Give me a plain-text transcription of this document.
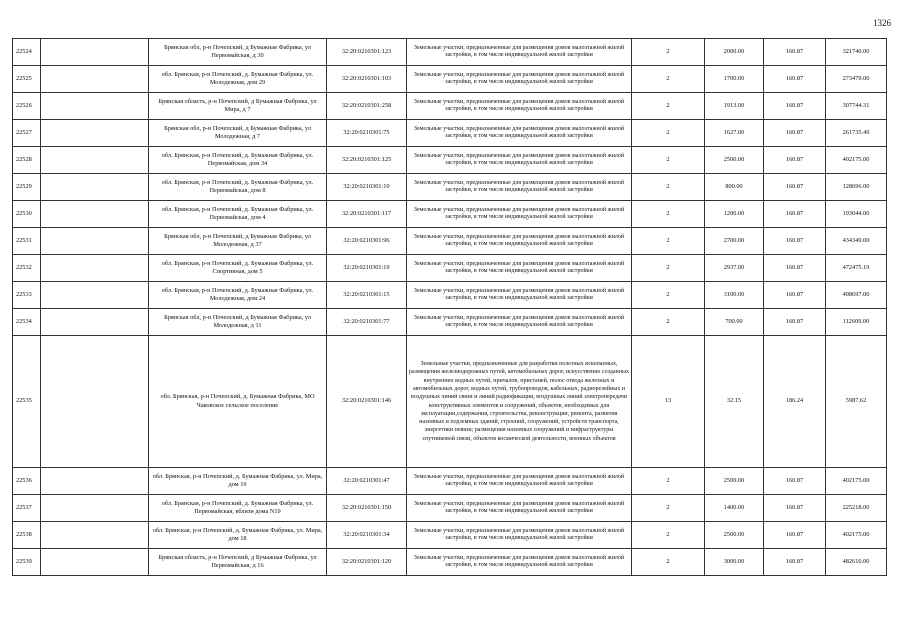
1326
22524		Брянская обл, р-н Почепский, д Бумажная Фабрика, ул Первомайская, д 30	32:20:0210301:123	Земельные участки, предназначенные для размещения домов малоэтажной жилой застройки, в том числе индивидуальной жилой застройки	2	2000.00	160.87	321740.00
22525		обл. Брянская, р-н Почепский, д. Бумажная Фабрика, ул. Молодежная, дом 29	32:20:0210301:103	Земельные участки, предназначенные для размещения домов малоэтажной жилой застройки, в том числе индивидуальной жилой застройки	2	1700.00	160.87	273479.00
22526		Брянская область, р-н Почепский, д Бумажная Фабрика, ул Мира, д 7	32:20:0210301:258	Земельные участки, предназначенные для размещения домов малоэтажной жилой застройки, в том числе индивидуальной жилой застройки	2	1913.00	160.87	307744.31
22527		Брянская обл, р-н Почепский, д Бумажная Фабрика, ул Молодежная, д 7	32:20:0210301:75	Земельные участки, предназначенные для размещения домов малоэтажной жилой застройки, в том числе индивидуальной жилой застройки	2	1627.00	160.87	261735.49
22528		обл. Брянская, р-н Почепский, д. Бумажная Фабрика, ул. Первомайская, дом 34	32:20:0210301:125	Земельные участки, предназначенные для размещения домов малоэтажной жилой застройки, в том числе индивидуальной жилой застройки	2	2500.00	160.87	402175.00
22529		обл. Брянская, р-н Почепский, д. Бумажная Фабрика, ул. Первомайская, дом 8	32:20:0210301:10	Земельные участки, предназначенные для размещения домов малоэтажной жилой застройки, в том числе индивидуальной жилой застройки	2	800.00	160.87	128696.00
22530		обл. Брянская, р-н Почепский, д. Бумажная Фабрика, ул. Первомайская, дом 4	32:20:0210301:117	Земельные участки, предназначенные для размещения домов малоэтажной жилой застройки, в том числе индивидуальной жилой застройки	2	1200.00	160.87	193044.00
22531		Брянская обл, р-н Почепский, д Бумажная Фабрика, ул Молодежная, д 37	32:20:0210301:96	Земельные участки, предназначенные для размещения домов малоэтажной жилой застройки, в том числе индивидуальной жилой застройки	2	2700.00	160.87	434349.00
22532		обл. Брянская, р-н Почепский, д. Бумажная Фабрика, ул. Спортивная, дом 5	32:20:0210301:19	Земельные участки, предназначенные для размещения домов малоэтажной жилой застройки, в том числе индивидуальной жилой застройки	2	2937.00	160.87	472475.19
22533		обл. Брянская, р-н Почепский, д. Бумажная Фабрика, ул. Молодежная, дом 24	32:20:0210301:15	Земельные участки, предназначенные для размещения домов малоэтажной жилой застройки, в том числе индивидуальной жилой застройки	2	3100.00	160.87	498697.00
22534		Брянская обл, р-н Почепский, д Бумажная Фабрика, ул Молодежная, д 11	32:20:0210301:77	Земельные участки, предназначенные для размещения домов малоэтажной жилой застройки, в том числе индивидуальной жилой застройки	2	700.00	160.87	112609.00
22535		обл. Брянская, р-н Почепский, д. Бумажная Фабрика, МО Чаковское сельское поселение	32:20:0210301:146	Земельные участки, предназначенные для разработки полезных ископаемых, размещения железнодорожных путей, автомобильных дорог, искусственно созданных внутренних водных путей, причалов, пристаней, полос отвода железных и автомобильных дорог, водных путей, трубопроводов, кабельных, радиорелейных и воздушных линий связи и линий радиофикации, воздушных линий электропередачи конструктивных элементов и сооружений, объектов, необходимых для эксплуатации,содержания, строительства, реконструкции, ремонта, развития наземных и подземных зданий, строений, сооружений, устройств транспорта, энергетики невязи; размещения наземных сооружений и инфраструктуры спутниковой связи, объектов космической деятельности, военных объектов	13	32.15	186.24	5987.62
22536		обл. Брянская, р-н Почепский, д. Бумажная Фабрика, ул. Мира, дом 19	32:20:0210301:47	Земельные участки, предназначенные для размещения домов малоэтажной жилой застройки, в том числе индивидуальной жилой застройки	2	2500.00	160.87	402175.00
22537		обл. Брянская, р-н Почепский, д. Бумажная Фабрика, ул. Первомайская, вблизи дома N19	32:20:0210301:150	Земельные участки, предназначенные для размещения домов малоэтажной жилой застройки, в том числе индивидуальной жилой застройки	2	1400.00	160.87	225218.00
22538		обл. Брянская, р-н Почепский, д. Бумажная Фабрика, ул. Мира, дом 18	32:20:0210301:34	Земельные участки, предназначенные для размещения домов малоэтажной жилой застройки, в том числе индивидуальной жилой застройки	2	2500.00	160.87	402175.00
22539		Брянская область, р-н Почепский, д Бумажная Фабрика, ул Первомайская, д 16	32:20:0210301:120	Земельные участки, предназначенные для размещения домов малоэтажной жилой застройки, в том числе индивидуальной жилой застройки	2	3000.00	160.87	482610.00
